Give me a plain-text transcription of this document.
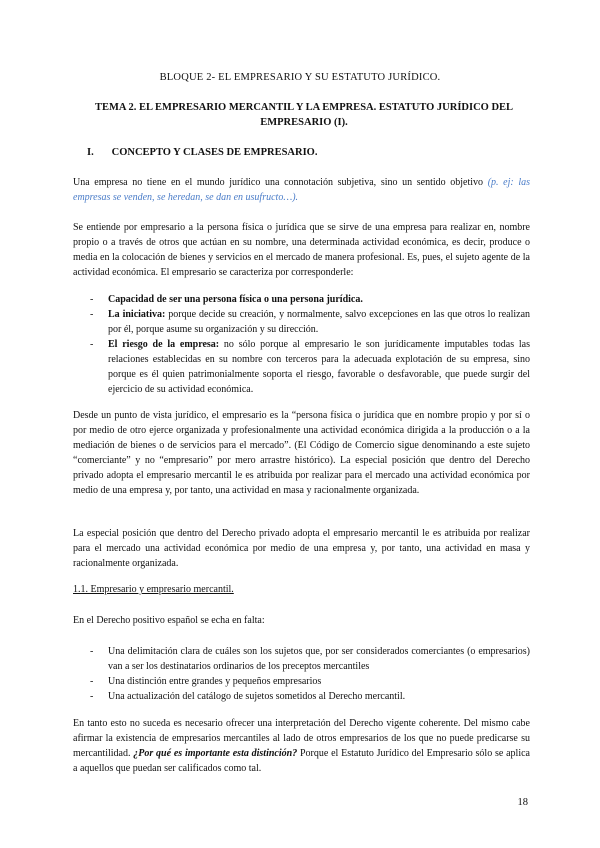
BLOQUE 2- EL EMPRESARIO Y SU ESTATUTO JURÍDICO.
TEMA 2. EL EMPRESARIO MERCANTIL Y LA EMPRESA. ESTATUTO JURÍDICO DEL EMPRESARIO (I).
I. CONCEPTO Y CLASES DE EMPRESARIO.
Una empresa no tiene en el mundo jurídico una connotación subjetiva, sino un sentido objetivo (p. ej: las empresas se venden, se heredan, se dan en usufructo…).
Se entiende por empresario a la persona física o jurídica que se sirve de una empresa para realizar en, nombre propio o a través de otros que actúan en su nombre, una determinada actividad económica, es decir, produce o media en la colocación de bienes y servicios en el mercado de manera profesional. Es, pues, el sujeto agente de la actividad económica. El empresario se caracteriza por corresponderle:
- Capacidad de ser una persona física o una persona jurídica.
- La iniciativa: porque decide su creación, y normalmente, salvo excepciones en las que otros lo realizan por él, porque asume su organización y su dirección.
- El riesgo de la empresa: no sólo porque al empresario le son jurídicamente imputables todas las relaciones establecidas en su nombre con terceros para la adecuada explotación de su empresa, sino porque es él quien patrimonialmente soporta el riesgo, favorable o desfavorable, que puede surgir del ejercicio de su actividad económica.
Desde un punto de vista jurídico, el empresario es la “persona física o jurídica que en nombre propio y por sí o por medio de otro ejerce organizada y profesionalmente una actividad económica dirigida a la producción o a la mediación de bienes o de servicios para el mercado”. (El Código de Comercio sigue denominando a este sujeto “comerciante” y no “empresario” por mero arrastre histórico). La especial posición que dentro del Derecho privado adopta el empresario mercantil le es atribuida por realizar para el mercado una actividad económica por medio de una empresa y, por tanto, una actividad en masa y racionalmente organizada.
La especial posición que dentro del Derecho privado adopta el empresario mercantil le es atribuida por realizar para el mercado una actividad económica por medio de una empresa y, por tanto, una actividad en masa y racionalmente organizada.
1.1. Empresario y empresario mercantil.
En el Derecho positivo español se echa en falta:
- Una delimitación clara de cuáles son los sujetos que, por ser considerados comerciantes (o empresarios) van a ser los destinatarios ordinarios de los preceptos mercantiles
- Una distinción entre grandes y pequeños empresarios
- Una actualización del catálogo de sujetos sometidos al Derecho mercantil.
En tanto esto no suceda es necesario ofrecer una interpretación del Derecho vigente coherente. Del mismo cabe afirmar la existencia de empresarios mercantiles al lado de otros empresarios de los que no puede predicarse su mercantilidad. ¿Por qué es importante esta distinción? Porque el Estatuto Jurídico del Empresario sólo se aplica a aquellos que puedan ser calificados como tal.
18
